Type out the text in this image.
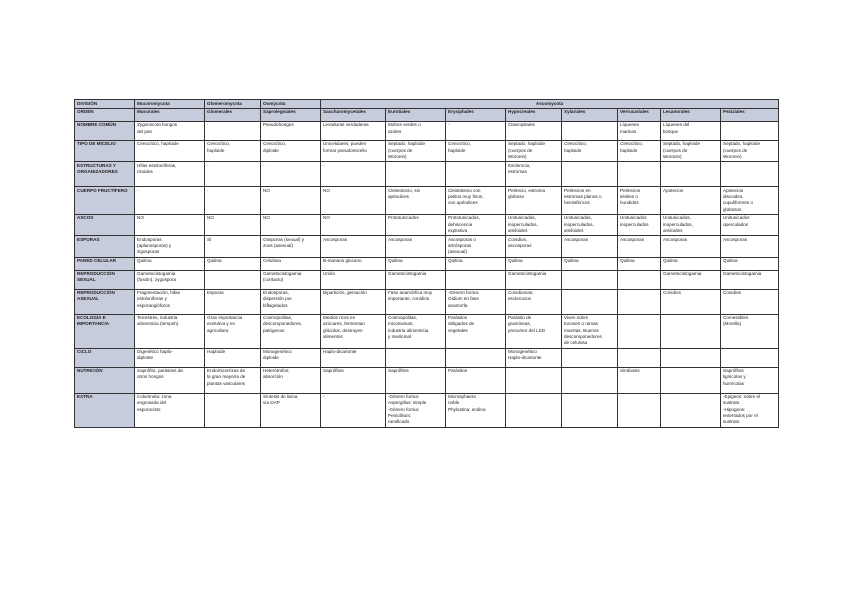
DIVISIÓN	Mucoromycota	Glomeromycota	Oomycota	Ascomycota							
ORDEN	Mucorales	Glomerales	Saprolegniales	Saccharomycetales	Eurotiales	Erysiphales	Hypocreales	Xylariales	Verrucariales	Lecanorales	Peziziales

NOMBRE COMÚN	Zygomicota hongos
del pan	-	Pseudohongos	Levaduras verdaderas	Mohos verdes o
azules	-	Clavicipitales		Líquenes
marinos	Líquenes del
bosque	

TIPO DE MICELIO	Cenocítico, haploide	Cenocítico,
haploide	Cenocítico,
diploide	Unicelulares, pueden
formar pseudomicelio	Septado, haploide
(cuerpos de
Woronin)	Cenocítico,
haploide	Septado, haploide
(cuerpos de
Woronin)	Cenocítico,
haploide	Cenocítico,
haploide	Septado, haploide
(cuerpos de
Woronin)	Septado, haploide
(cuerpos de
Woronin)

ESTRUCTURAS Y ORGANIZADORES	Hifas estoloníferas,
rizoides	-	-	-			Esclerocio,
estromas				

CUERPO FRUCTÍFERO	-	-	NO	NO	Cleistotecio, sin
apéndices	Cleistotecio con
pelitos muy finos,
con apéndices	Peritecio, estroma
globoso	Peritecios en
estromas planos o
hemisféricos	Peritecios
sésiles o
hundidos	Apotecios	Apotecios
discoides,
cupuliformes o
globosos

ASCOS	NO	NO	NO	NO	Prototunicados	Prototunicados,
dehiscencia
explosiva	Unitunicados,
inoperculados,
amiloides	Unitunicados,
inoperculados,
amiloides	Unitunicados
inoperculados	Unitunicados,
inoperculados,
amiloides	Unitunicados
operculados

ESPORAS	Endosporas
(aplanosporas) y
zigosporas	SÍ	Oosporas (sexual) y
zoos (asexual)	Ascosporas	Ascosporas	Ascosporas o
artrósporas
(asexual)	Conidios,
ascosporas	Ascosporas	Ascosporas	Ascosporas	Ascosporas

PARED CELULAR	Quitina	Quitina	Celulosa	B-manano glucano	Quitina	Quitina	Quitina	Quitina	Quitina	Quitina	Quitina

REPRODUCCIÓN SEXUAL	Gametocistogamia
(fusión), zygospora		Gametocistogamia
(contacto)	Unión	Gametocistogamia		Gametocistogamia			Gametocistogamia	Gametocistogamia

REPRODUCCIÓN ASEXUAL	Fragmentación, hifas
estoloníferas y
esporangióforos	Esporas	Endosporas,
dispersión por
biflagelados	Bipartición, gemación	Fase anamórfica muy
importante, conidios	-Género forma:
Oidium en fase
anamorfa	Conidiomas,
esclerocios			Conidios	Conidios

ECOLOGÍA E IMPORTANCIA	Terrestres, industria
alimenticia (tempeh)	Gran importancia
evolutiva y en
agricultura	Cosmopolitas,
descomponedores,
patógenos	Medios ricos en
azúcares, fermentan
glúcidos, destruyen
alimentos	Cosmopolitas,
micotoxinas,
industria alimenticia
y medicinal	Parásitos
obligados de
vegetales	Parásito de
gramíneas,
precursor del LSD	Viven sobre
tocones o ramas
muertas. Buenos
descomponedores
de celulosa			Comestibles
(Morella)

CICLO	Digenético haplo-
diplonte	Haploide	Monogenético
diploide	Haplo-dicarionte			Monogenético
Haplo-dicarionte				

NUTRICIÓN	Saprófito, parásitos de
otros hongos	Endomicorrizas de
la gran mayoría de
plantas vasculares	Heterótrofos;
absorción	Saprófitos	Saprófitos	Parásitos			Simbiosis		Saprófitos
lignícolas y
humícolas

EXTRA	Columnela: zona
engrosada del
esporocisto	-	Síntesis de lisina
vía DAP	-	-Género forma:
Aspergillus: simple
-Género forma:
Penicillium:
ramificado	Microsphaera
noble
Phylostina: endina					-Epigeos: sobre el
sustrato
-Hipogeos:
enterrados por el
sustrato
